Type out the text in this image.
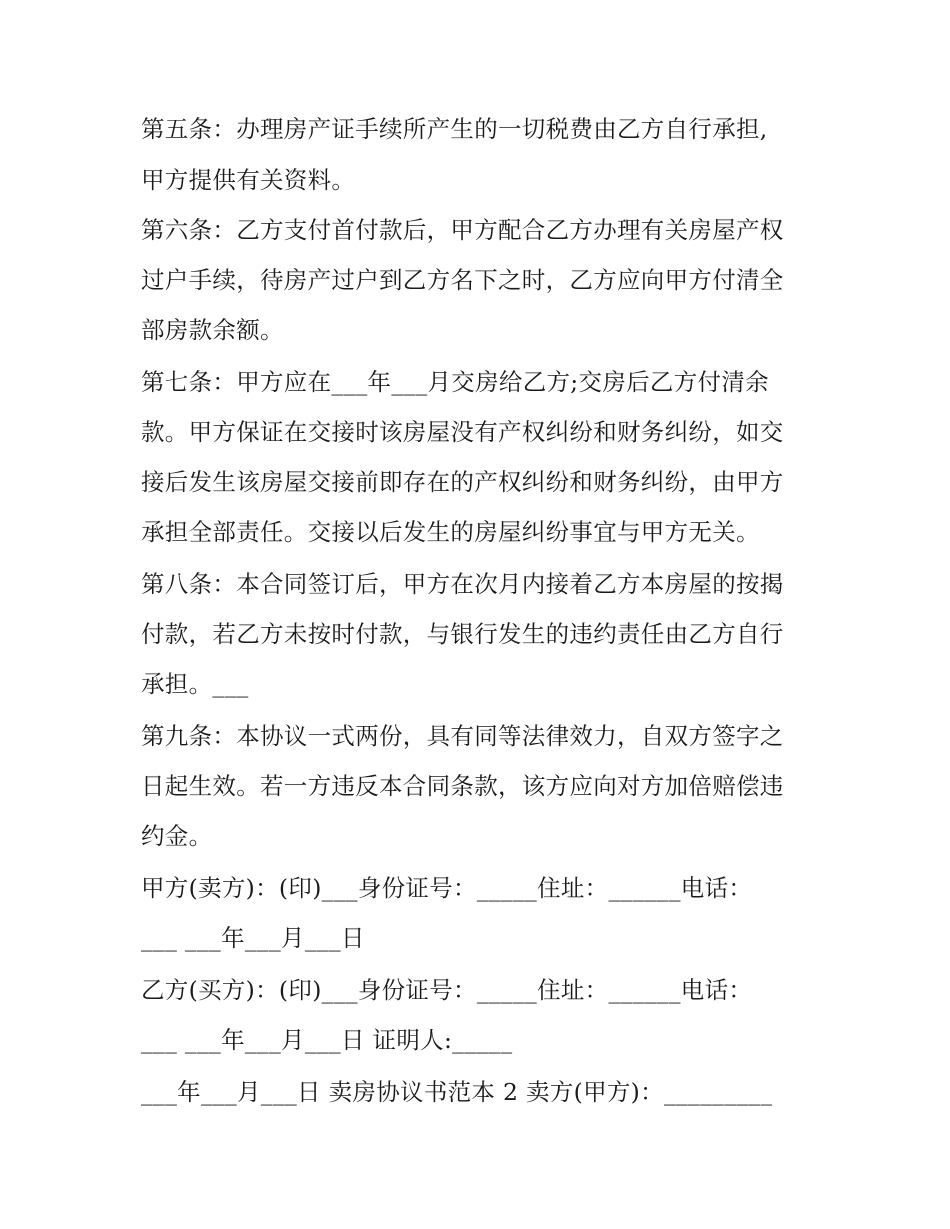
第五条：办理房产证手续所产生的一切税费由乙方自行承担,
甲方提供有关资料。
第六条：乙方支付首付款后，甲方配合乙方办理有关房屋产权
过户手续，待房产过户到乙方名下之时，乙方应向甲方付清全
部房款余额。
第七条：甲方应在___年___月交房给乙方;交房后乙方付清余
款。甲方保证在交接时该房屋没有产权纠纷和财务纠纷，如交
接后发生该房屋交接前即存在的产权纠纷和财务纠纷，由甲方
承担全部责任。交接以后发生的房屋纠纷事宜与甲方无关。
第八条：本合同签订后，甲方在次月内接着乙方本房屋的按揭
付款，若乙方未按时付款，与银行发生的违约责任由乙方自行
承担。___
第九条：本协议一式两份，具有同等法律效力，自双方签字之
日起生效。若一方违反本合同条款，该方应向对方加倍赔偿违
约金。
甲方(卖方)：(印)___身份证号：_____住址：______电话：
___ ___年___月___日
乙方(买方)：(印)___身份证号：_____住址：______电话：
___ ___年___月___日 证明人:_____
___年___月___日 卖房协议书范本 2 卖方(甲方)：_________
